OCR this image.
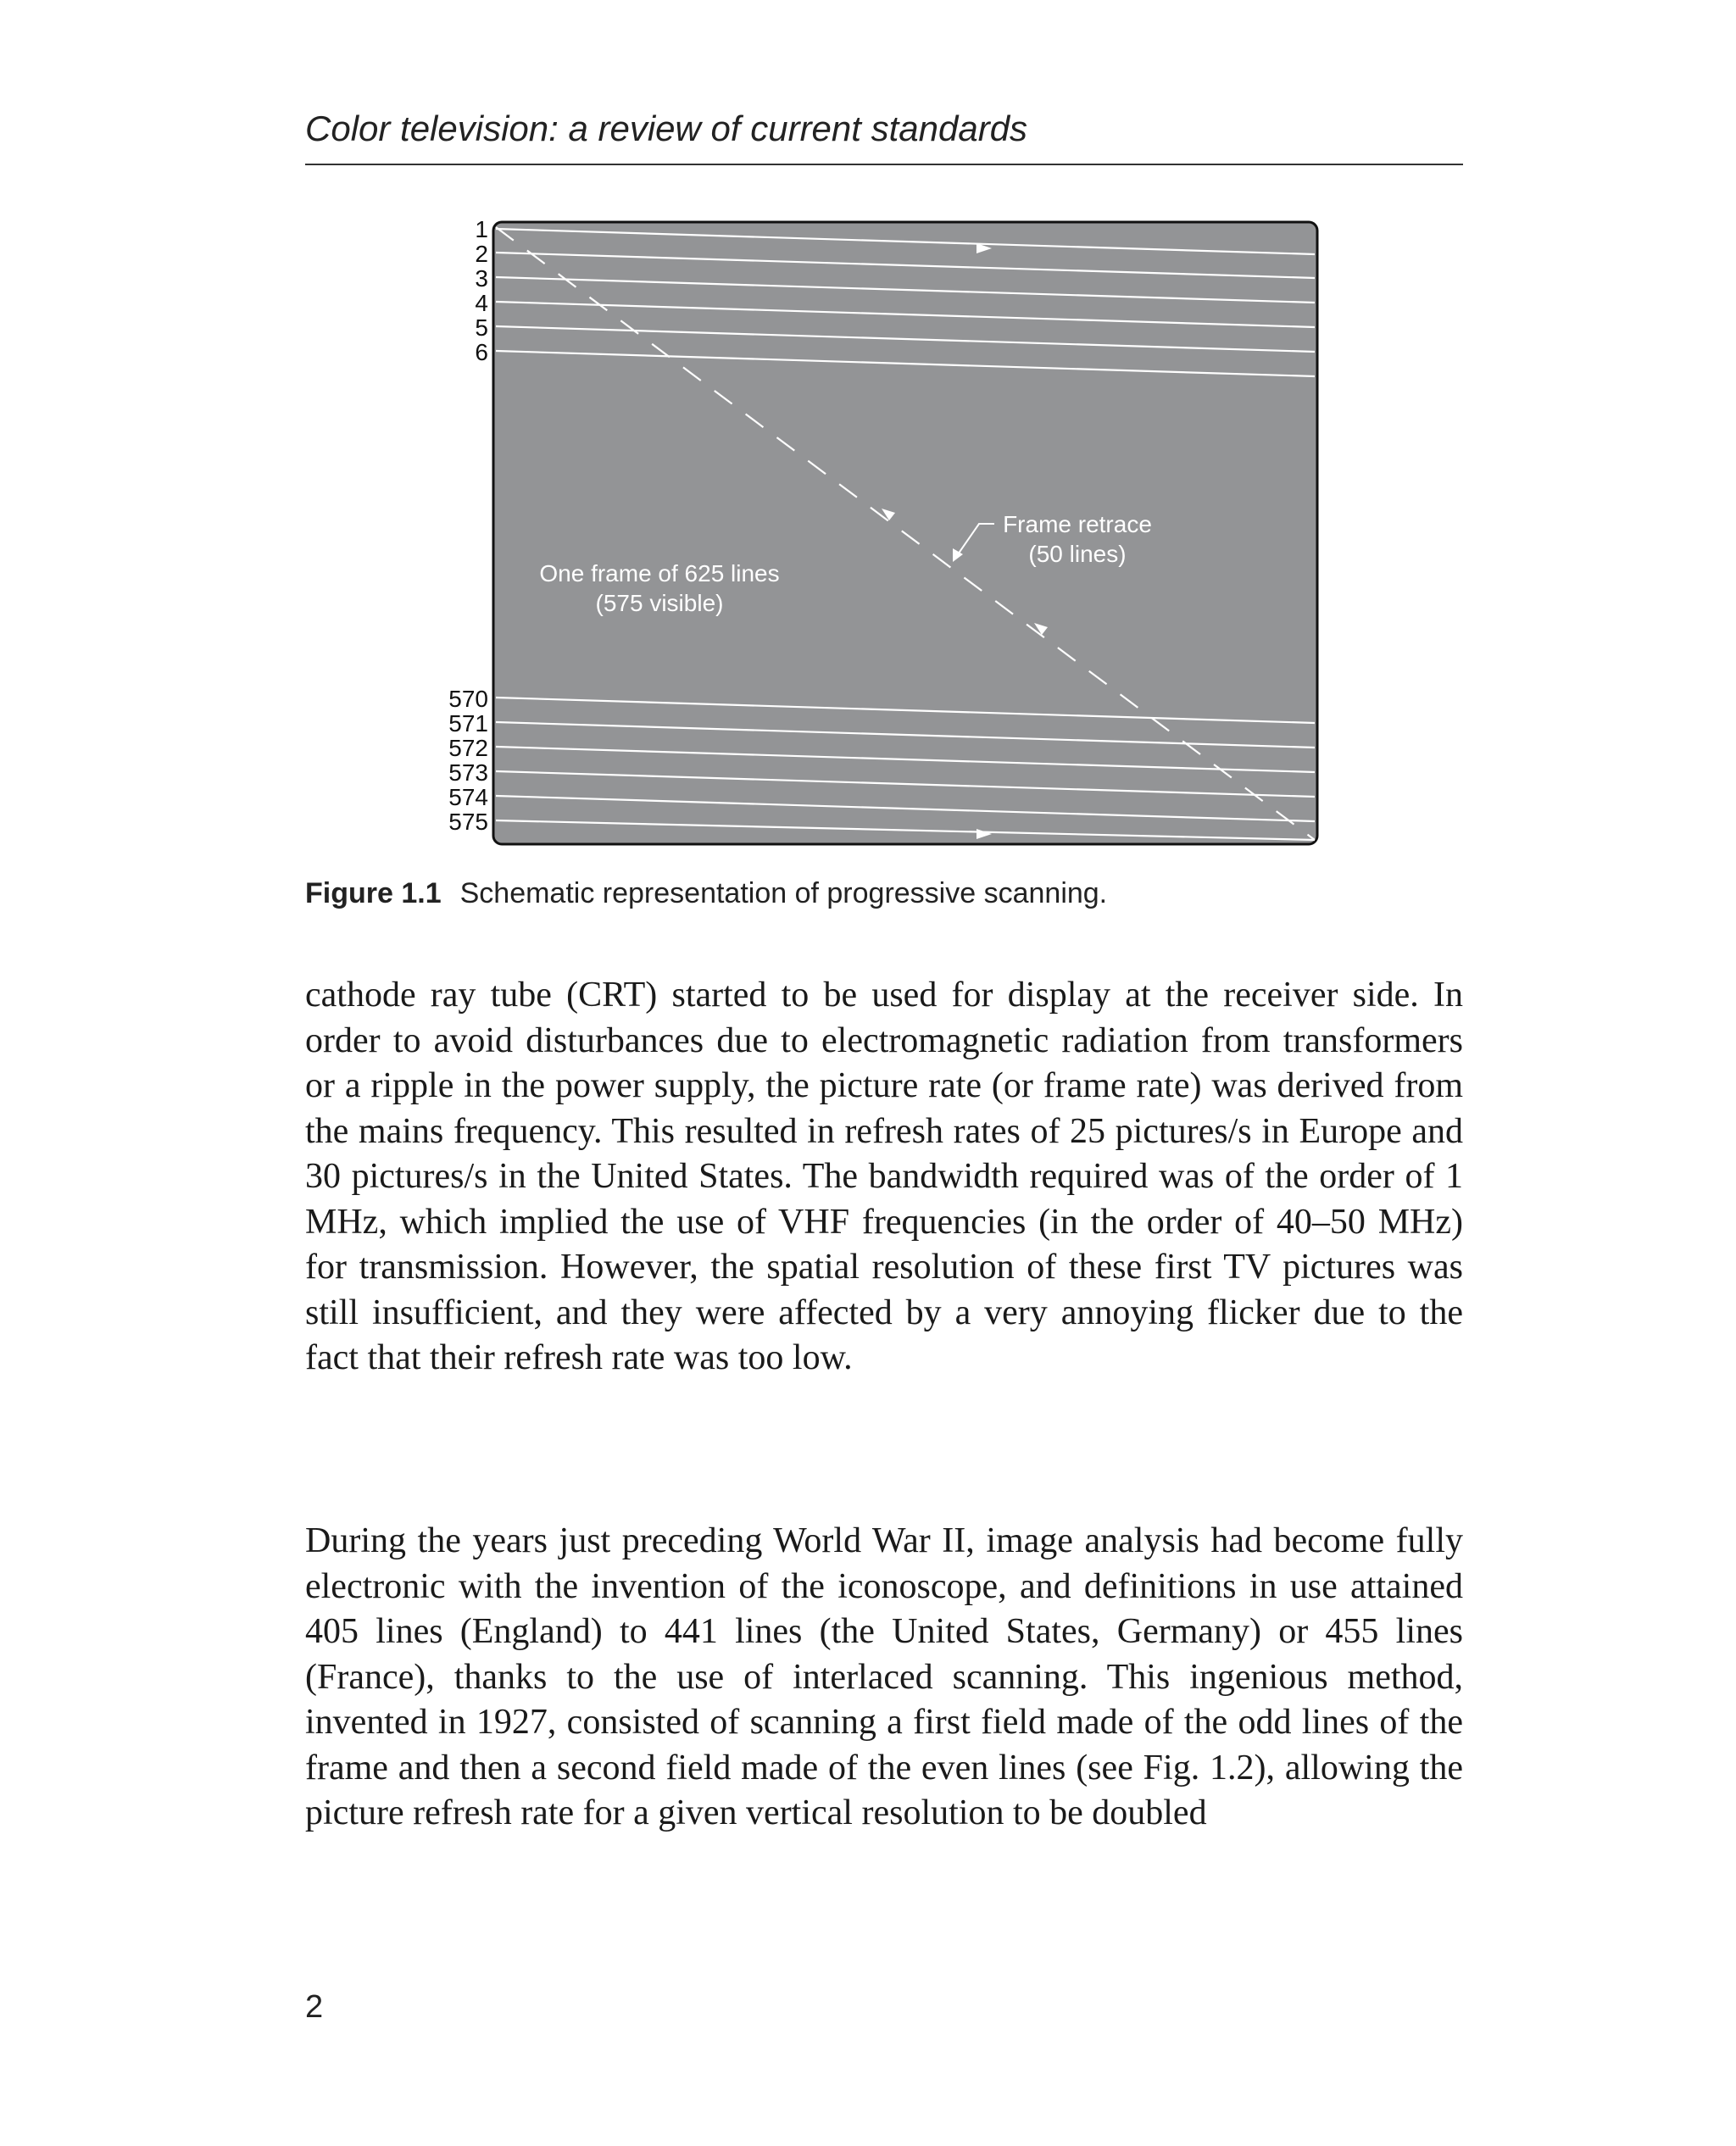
Color television: a review of current standards
1
2
3
4
5
6
570
571
572
573
574
575
One frame of 625 lines
(575 visible)
Frame retrace
(50 lines)
Figure 1.1 Schematic representation of progressive scanning.

cathode ray tube (CRT) started to be used for display at the receiver side. In order to avoid disturbances due to electromagnetic radiation from transformers or a ripple in the power supply, the picture rate (or frame rate) was derived from the mains frequency. This resulted in refresh rates of 25 pictures/s in Europe and 30 pictures/s in the United States. The bandwidth required was of the order of 1 MHz, which implied the use of VHF frequencies (in the order of 40–50 MHz) for transmission. However, the spatial resolution of these first TV pictures was still insufficient, and they were affected by a very annoying flicker due to the fact that their refresh rate was too low.

During the years just preceding World War II, image analysis had become fully electronic with the invention of the iconoscope, and definitions in use attained 405 lines (England) to 441 lines (the United States, Germany) or 455 lines (France), thanks to the use of interlaced scanning. This ingenious method, invented in 1927, consisted of scanning a first field made of the odd lines of the frame and then a second field made of the even lines (see Fig. 1.2), allowing the picture refresh rate for a given vertical resolution to be doubled

2
